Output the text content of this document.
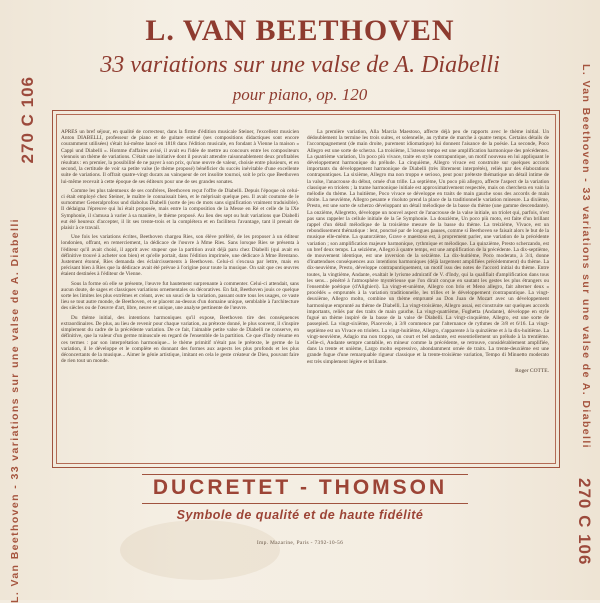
270 C 106
270 C 106
L. Van Beethoven - 33 variations sur une valse de A. Diabelli	L. Van Beethoven - 33 variations sur une valse de A. Diabelli
L. VAN BEETHOVEN
33 variations sur une valse de A. Diabelli
pour piano, op. 120

APRÈS un bref séjour, en qualité de correcteur, dans la firme d'édition musicale Steiner, l'excellent musicien Anton DIABELLI, professeur de piano et de guitare estimé (ses compositions didactiques sont encore couramment utilisées) s'était lui-même lancé en 1818 dans l'édition musicale, en fondant à Vienne la maison « Cappi und Diabelli ». Homme d'affaires avisé, il avait eu l'idée de mettre au concours entre les compositeurs viennois un thème de variations. C'était une initiative dont il pouvait attendre raisonnablement deux profitables résultats : en premier, la possibilité de ne payer à son prix, qu'une œuvre de valeur, choisie entre plusieurs, et en second, la certitude de voir sa petite valse (le thème proposé) bénéficier du succès inévitable d'une excellente suite de variations. Il offrait quatre-vingt ducats au vainqueur de cet insolite tournoi, soit le prix que Beethoven lui-même recevait à cette époque de ses éditeurs pour une de ses grandes sonates.

Comme les plus talentueux de ses confrères, Beethoven reçut l'offre de Diabelli. Depuis l'époque où celui-ci était employé chez Steiner, le maître le connaissait bien, et le méprisait quelque peu. Il avait coutume de le surnommer Generalprofoss und diabolus Diabelli (sorte de jeu de mots sans signification vraiment traduisible). Il dédaigna l'épreuve qui lui était proposée, mais entre la composition de la Messe en Ré et celle de la IXe Symphonie, il s'amusa à varier à sa manière, le thème proposé. Au lieu des sept ou huit variations que Diabelli eut été heureux d'accepter, il lit ses trente-trois et la complétera et en facilitera l'avantage, tant il prenait de plaisir à ce travail.

Une fois les variations écrites, Beethoven chargea Ries, son élève préféré, de les proposer à un éditeur londonien, offrant, en remerciement, la dédicace de l'œuvre à Mme Ries. Sans lorsque Ries se présenta à l'éditeur qu'il avait choisi, il apprit avec stupeur que la partition avait déjà paru chez Diabelli (qui avait en définitive trouvé à acheter son bien) et qu'elle portait, dans l'édition imprimée, une dédicace à Mme Brentano. Justement étonné, Ries demanda des éclaircissements à Beethoven. Celui-ci s'excusa par lettre, mais en précisant bien à Ries que la dédicace avait été prévue à l'origine pour toute la musique. On sait que ces œuvres étaient destinées à l'éditeur de Vienne.

Sous la forme où elle se présente, l'œuvre fut hautement surprenante à commenter. Celui-ci attendait, sans aucun doute, de sages et classiques variations ornementales ou décoratives. En fait, Beethoven jouis ce quelque sorte les limites les plus extrêmes et créant, avec un souci de la variation, passant outre tous les usages, ce vaste lieu se tout autre monde, de Beethoven, et se placent au-dessus d'un domaine unique, semblable à l'architecture des siècles ou de l'œuvre d'art, libre, neuve et unique, une analyse pertinente de l'œuvre.

Du thème initial, des intentions harmoniques qu'il expose, Beethoven tire des conséquences extraordinaires. De plus, au lieu de revenir pour chaque variation, au prétexte donné, le plus souvent, il s'inspire simplement du cadre de la précédente variation. De ce fait, l'aimable petite valse de Diabelli ne conserve, en définitive, que la valeur d'un germe minuscule en regard de l'ensemble de la partition. Ce que d'Indy résume en ces termes : par son interprétation harmonique... le thème primitif n'était pas le prétexte, le germe de la variation, il le développe et le complète en donnant des formes aux aspects les plus profonds et les plus déconcertants de la musique... Aimer le génie artistique, imitant en cela le geste créateur de Dieu, pouvant faire de rien tout un monde.

La première variation, Alla Marcia Maestoso, affecte déjà peu de rapports avec le thème initial. Un dédoublement la termine les trois suites, et solennelle, au rythme de marche à quatre temps. Certains détails de l'accompagnement (de main droite, purement idiomatique) lui donnent l'aisance de la poésie. La seconde, Poco Allegro est une sorte de scherzo. La troisième, L'istesso tempo est une amplification harmonique des précédentes. La quatrième variation, Un poco più vivace, traite en style contrapuntique, un motif nouveau en lui appliquant le développement harmonique du prélude. La cinquième, Allegro vivace est construite sur quelques accords importants du développement harmonique de Diabelli (très librement interprétés), reliés par des élaborations contrapuntiques. La sixième, Allegro ma non troppo e serioso, peut pour prétexte thématique un détail intime de la valse, l'anacrouse du début, ornée d'un trille. La septième, Un poco più allegro, affecte l'aspect de la variation classique en triolets ; la trame harmonique initiale est approximativement respectée, mais on cherchera en vain la mélodie du thème. La huitième, Poco vivace se développe en traits de main gauche sous des accords de main droite. La neuvième, Allegro pesante e risoluto prend la place de la traditionnelle variation mineure. La dixième, Presto, est une sorte de scherzo développant un détail mélodique de la basse du thème (une gamme descendante). La onzième, Allegretto, développe un nouvel aspect de l'anacrouse de la valse initiale, un triolet qui, parfois, n'est pas sans rappeler la cellule initiale de la 5e Symphonie. La douzième, Un poco più moto, est faite d'un brillant rappel d'un détail mélodique de la troisième mesure de la basse du thème. La treizième, Vivace, est un rebondissement thématique : lent, ponctué par de longues pauses, comme si Beethoven se faisait alors le but de la musique elle-même. La quatorzième, Grave e maestoso est, à proprement parler, une variation de la précédente variation ; son amplification majeure harmonique, rythmique et mélodique. La quinzième, Presto scherzando, est un bref deux temps. La seizième, Allegro à quatre temps, est une amplification de la précédente. La dix-septième, de mouvement identique, est une inversion de la seizième. La dix-huitième, Poco moderato, à 3/4, donne d'inattendues conséquences aux intentions harmoniques (déjà largement amplifiées précédemment) du thème. La dix-neuvième, Presto, développe contrapuntiquement, un motif issu des notes de l'accord initial du thème. Entre toutes, la vingtième, Andante, exaltait le lyrisme admiratif de V. d'Indy, qui la qualifiait d'amplification dans tous les sens... pénétré à l'atmosphère mystérieuse que l'on dirait conçue en sautant les gestes les plus étrangers ou l'ensemble poétique (d'Alighieri). La vingt-et-unième, Allegro con brio et Meno allegro, fait alterner deux « procédés » empruntés à la variation traditionnelle, les trilles et le développement contrapuntique. La vingt-deuxième, Allegro molto, combine un thème emprunté au Don Juan de Mozart avec un développement harmonique emprunté au thème de Diabelli. La vingt-troisième, Allegro assai, est construite sur quelques accords importants, reliés par des traits de main gauche. La vingt-quatrième, Fughetta (Andante), développe en style fugué un thème inspiré de la basse de la valse de Diabelli. La vingt-cinquième, Allegro, est une sorte de passepied. La vingt-sixième, Piacevole, à 3/8 commence par l'alternance de rythmes de 3/8 et 6/16. La vingt-septième est un Vivace en triolets. La vingt-huitième, Allegro, s'apparente à la quinzième et à la dix-huitième. La vingt-neuvième, Adagio ma non troppo, un court et bel andante, est essentiellement un prélude à la trentième. Celle-ci, Andante sempre cantabile, en mineur comme la précédente, se retrouve, considérablement amplifiée, dans la trente et unième, Largo molto espressivo, abondamment ornée de traits. La trente-deuxième est une grande fugue d'une remarquable rigueur classique et la trente-troisième variation, Tempo di Minuetto moderato est très simplement légère et brillante.

Roger COTTE.
DUCRETET - THOMSON
Symbole de qualité et de haute fidélité
Imp. Mazarine, Paris - 7392-10-56
